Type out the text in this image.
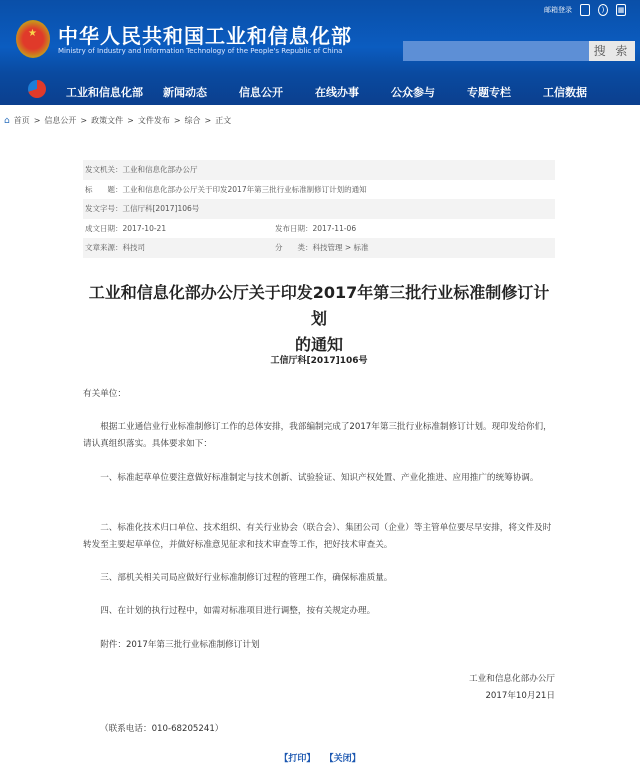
★ 中华人民共和国工业和信息化部
Ministry of Industry and Information Technology of the People's Republic of China
邮箱登录	)	▦
搜 索
工业和信息化部 新闻动态	信息公开	在线办事	公众参与	专题专栏	工信数据
⌂ 首页 > 信息公开 > 政策文件 > 文件发布 > 综合 > 正文
发文机关：工业和信息化部办公厅
标　　题：工业和信息化部办公厅关于印发2017年第三批行业标准制修订计划的通知
发文字号：工信厅科[2017]106号
成文日期：2017-10-21	发布日期：2017-11-06
文章来源：科技司	分　　类：科技管理 > 标准
工业和信息化部办公厅关于印发2017年第三批行业标准制修订计划
的通知
工信厅科[2017]106号
有关单位：
根据工业通信业行业标准制修订工作的总体安排，我部编制完成了2017年第三批行业标准制修订计划。现印发给你们，请认真组织落实。具体要求如下：
一、标准起草单位要注意做好标准制定与技术创新、试验验证、知识产权处置、产业化推进、应用推广的统筹协调。
二、标准化技术归口单位、技术组织、有关行业协会（联合会）、集团公司（企业）等主管单位要尽早安排，将文件及时转发至主要起草单位，并做好标准意见征求和技术审查等工作，把好技术审查关。
三、部机关相关司局应做好行业标准制修订过程的管理工作，确保标准质量。
四、在计划的执行过程中，如需对标准项目进行调整，按有关规定办理。
附件：2017年第三批行业标准制修订计划
工业和信息化部办公厅
2017年10月21日
（联系电话：010-68205241）
【打印】 【关闭】
